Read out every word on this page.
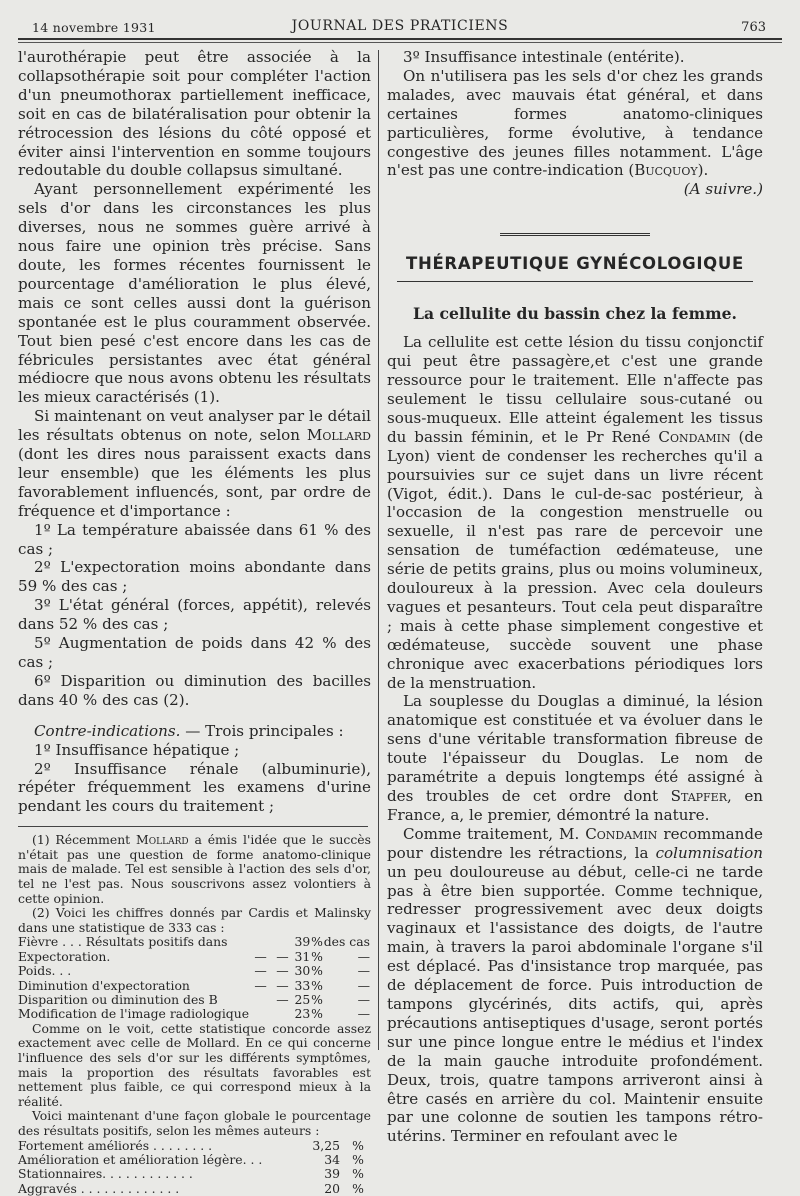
14 novembre 1931	JOURNAL DES PRATICIENS	763

l'aurothérapie peut être associée à la collapsothérapie soit pour compléter l'action d'un pneumothorax partiellement inefficace, soit en cas de bilatéralisation pour obtenir la rétrocession des lésions du côté opposé et éviter ainsi l'intervention en somme toujours redoutable du double collapsus simultané.

Ayant personnellement expérimenté les sels d'or dans les circonstances les plus diverses, nous ne sommes guère arrivé à nous faire une opinion très précise. Sans doute, les formes récentes fournissent le pourcentage d'amélioration le plus élevé, mais ce sont celles aussi dont la guérison spontanée est le plus couramment observée. Tout bien pesé c'est encore dans les cas de fébricules persistantes avec état général médiocre que nous avons obtenu les résultats les mieux caractérisés (1).

Si maintenant on veut analyser par le détail les résultats obtenus on note, selon Mollard (dont les dires nous paraissent exacts dans leur ensemble) que les éléments les plus favorablement influencés, sont, par ordre de fréquence et d'importance :

1º La température abaissée dans 61 % des cas ;

2º L'expectoration moins abondante dans 59 % des cas ;

3º L'état général (forces, appétit), relevés dans 52 % des cas ;

5º Augmentation de poids dans 42 % des cas ;

6º Disparition ou diminution des bacilles dans 40 % des cas (2).

Contre-indications. — Trois principales :

1º Insuffisance hépatique ;

2º Insuffisance rénale (albuminurie), répéter fréquemment les examens d'urine pendant les cours du traitement ;

(1) Récemment Mollard a émis l'idée que le succès n'était pas une question de forme anatomo-clinique mais de malade. Tel est sensible à l'action des sels d'or, tel ne l'est pas. Nous souscrivons assez volontiers à cette opinion.

(2) Voici les chiffres donnés par Cardis et Malinsky dans une statistique de 333 cas :

Fièvre . . . Résultats positifs dans			39	%	des cas
Expectoration.	—	—	31	%	—
Poids. . .	—	—	30	%	—
Diminution d'expectoration	—	—	33	%	—
Disparition ou diminution des B		—	25	%	—
Modification de l'image radiologique			23	%	—

Comme on le voit, cette statistique concorde assez exactement avec celle de Mollard. En ce qui concerne l'influence des sels d'or sur les différents symptômes, mais la proportion des résultats favorables est nettement plus faible, ce qui correspond mieux à la réalité.

Voici maintenant d'une façon globale le pourcentage des résultats positifs, selon les mêmes auteurs :

Fortement améliorés . . . . . . . .	3,25	%
Amélioration et amélioration légère. . .	34	%
Stationnaires. . . . . . . . . . . .	39	%
Aggravés . . . . . . . . . . . . .	20	%

3º Insuffisance intestinale (entérite).

On n'utilisera pas les sels d'or chez les grands malades, avec mauvais état général, et dans certaines formes anatomo-cliniques particulières, forme évolutive, à tendance congestive des jeunes filles notamment. L'âge n'est pas une contre-indication (Bucquoy).

(A suivre.)

THÉRAPEUTIQUE GYNÉCOLOGIQUE
La cellulite du bassin chez la femme.

La cellulite est cette lésion du tissu conjonctif qui peut être passagère,et c'est une grande ressource pour le traitement. Elle n'affecte pas seulement le tissu cellulaire sous-cutané ou sous-muqueux. Elle atteint également les tissus du bassin féminin, et le Pr René Condamin (de Lyon) vient de condenser les recherches qu'il a poursuivies sur ce sujet dans un livre récent (Vigot, édit.). Dans le cul-de-sac postérieur, à l'occasion de la congestion menstruelle ou sexuelle, il n'est pas rare de percevoir une sensation de tuméfaction œdémateuse, une série de petits grains, plus ou moins volumineux, douloureux à la pression. Avec cela douleurs vagues et pesanteurs. Tout cela peut disparaître ; mais à cette phase simplement congestive et œdémateuse, succède souvent une phase chronique avec exacerbations périodiques lors de la menstruation.

La souplesse du Douglas a diminué, la lésion anatomique est constituée et va évoluer dans le sens d'une véritable transformation fibreuse de toute l'épaisseur du Douglas. Le nom de paramétrite a depuis longtemps été assigné à des troubles de cet ordre dont Stapfer, en France, a, le premier, démontré la nature.

Comme traitement, M. Condamin recommande pour distendre les rétractions, la columnisation un peu douloureuse au début, celle-ci ne tarde pas à être bien supportée. Comme technique, redresser progressivement avec deux doigts vaginaux et l'assistance des doigts, de l'autre main, à travers la paroi abdominale l'organe s'il est déplacé. Pas d'insistance trop marquée, pas de déplacement de force. Puis introduction de tampons glycérinés, dits actifs, qui, après précautions antiseptiques d'usage, seront portés sur une pince longue entre le médius et l'index de la main gauche introduite profondément. Deux, trois, quatre tampons arriveront ainsi à être casés en arrière du col. Maintenir ensuite par une colonne de soutien les tampons rétro-utérins. Terminer en refoulant avec le
